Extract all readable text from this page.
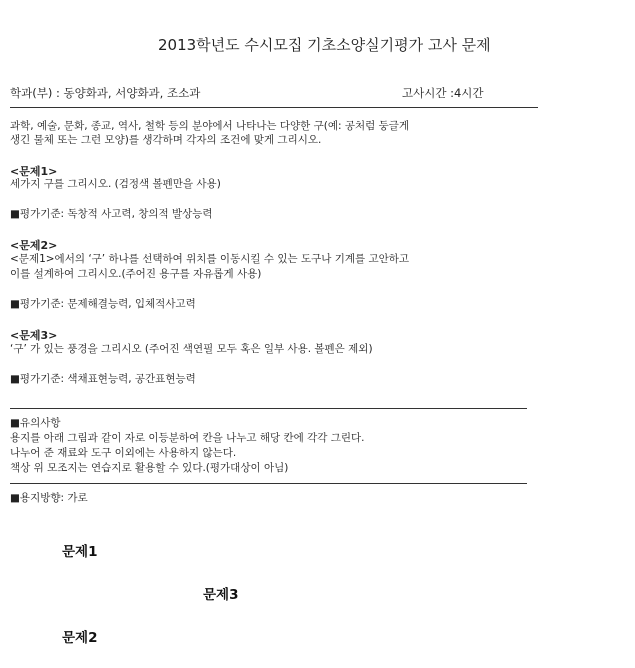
2013학년도 수시모집 기초소양실기평가 고사 문제
학과(부) : 동양화과, 서양화과, 조소과	고사시간 :4시간
과학, 예술, 문화, 종교, 역사, 철학 등의 분야에서 나타나는 다양한 구(예: 공처럼 둥글게
생긴 물체 또는 그런 모양)를 생각하며 각자의 조건에 맞게 그리시오.
<문제1>
세가지 구를 그리시오. (검정색 볼펜만을 사용)
■평가기준: 독창적 사고력, 창의적 발상능력
<문제2>
<문제1>에서의 ‘구’ 하나를 선택하여 위치를 이동시킬 수 있는 도구나 기계를 고안하고
이를 설계하여 그리시오.(주어진 용구를 자유롭게 사용)
■평가기준: 문제해결능력, 입체적사고력
<문제3>
‘구’ 가 있는 풍경을 그리시오 (주어진 색연필 모두 혹은 일부 사용. 볼펜은 제외)
■평가기준: 색채표현능력, 공간표현능력
■유의사항
용지를 아래 그림과 같이 자로 이등분하여 칸을 나누고 해당 칸에 각각 그린다.
나누어 준 재료와 도구 이외에는 사용하지 않는다.
책상 위 모조지는 연습지로 활용할 수 있다.(평가대상이 아님)
■용지방향: 가로
문제1
문제3
문제2
